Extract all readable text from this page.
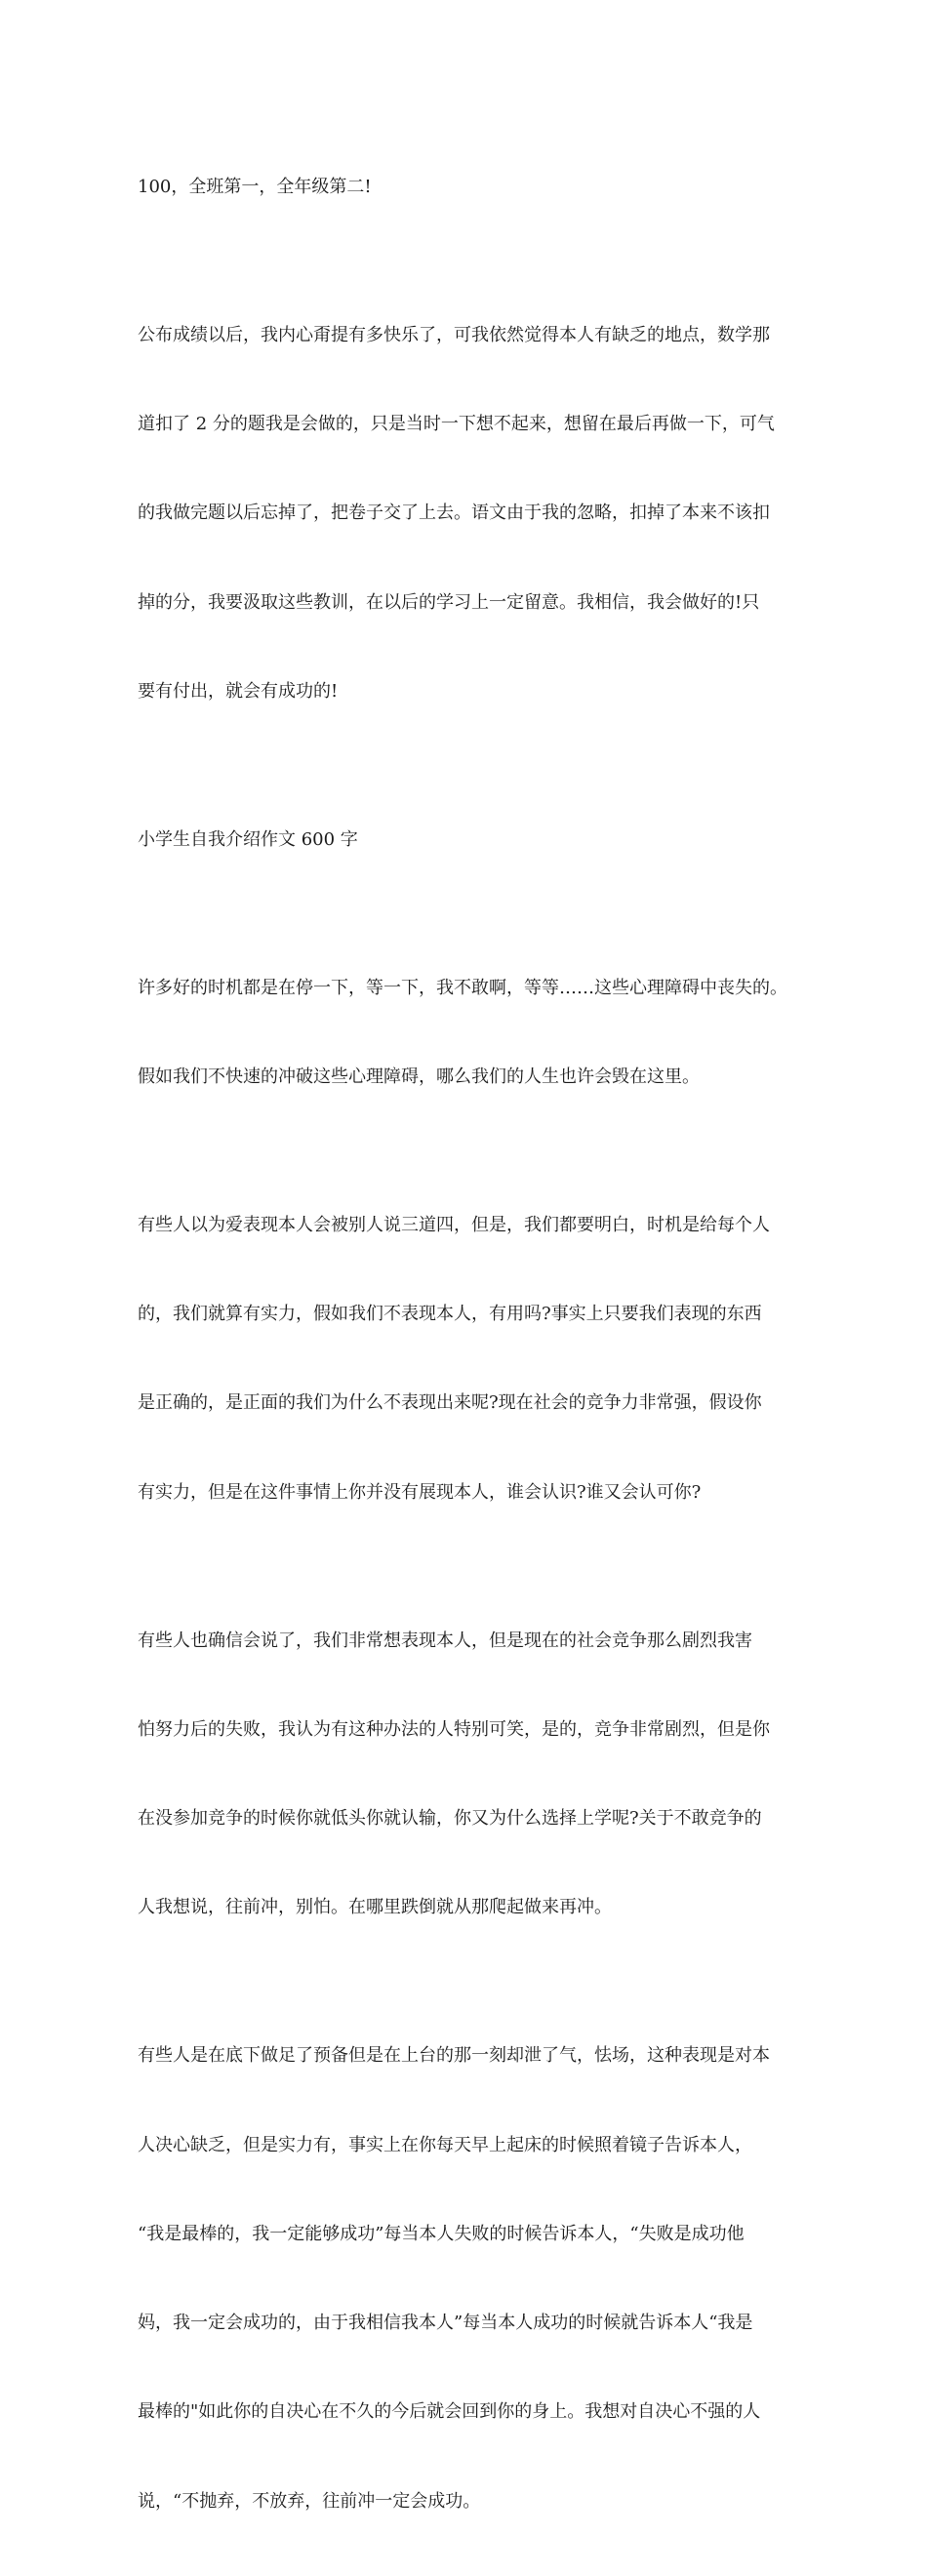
100，全班第一，全年级第二!

公布成绩以后，我内心甭提有多快乐了，可我依然觉得本人有缺乏的地点，数学那

道扣了 2 分的题我是会做的，只是当时一下想不起来，想留在最后再做一下，可气

的我做完题以后忘掉了，把卷子交了上去。语文由于我的忽略，扣掉了本来不该扣

掉的分，我要汲取这些教训，在以后的学习上一定留意。我相信，我会做好的!只

要有付出，就会有成功的!

小学生自我介绍作文 600 字

许多好的时机都是在停一下，等一下，我不敢啊，等等……这些心理障碍中丧失的。

假如我们不快速的冲破这些心理障碍，哪么我们的人生也许会毁在这里。

有些人以为爱表现本人会被别人说三道四，但是，我们都要明白，时机是给每个人

的，我们就算有实力，假如我们不表现本人，有用吗?事实上只要我们表现的东西

是正确的，是正面的我们为什么不表现出来呢?现在社会的竞争力非常强，假设你

有实力，但是在这件事情上你并没有展现本人，谁会认识?谁又会认可你?

有些人也确信会说了，我们非常想表现本人，但是现在的社会竞争那么剧烈我害

怕努力后的失败，我认为有这种办法的人特别可笑，是的，竞争非常剧烈，但是你

在没参加竞争的时候你就低头你就认输，你又为什么选择上学呢?关于不敢竞争的

人我想说，往前冲，别怕。在哪里跌倒就从那爬起做来再冲。

有些人是在底下做足了预备但是在上台的那一刻却泄了气，怯场，这种表现是对本

人决心缺乏，但是实力有，事实上在你每天早上起床的时候照着镜子告诉本人，

“我是最棒的，我一定能够成功”每当本人失败的时候告诉本人，“失败是成功他

妈，我一定会成功的，由于我相信我本人”每当本人成功的时候就告诉本人“我是

最棒的"如此你的自决心在不久的今后就会回到你的身上。我想对自决心不强的人

说，“不抛弃，不放弃，往前冲一定会成功。
